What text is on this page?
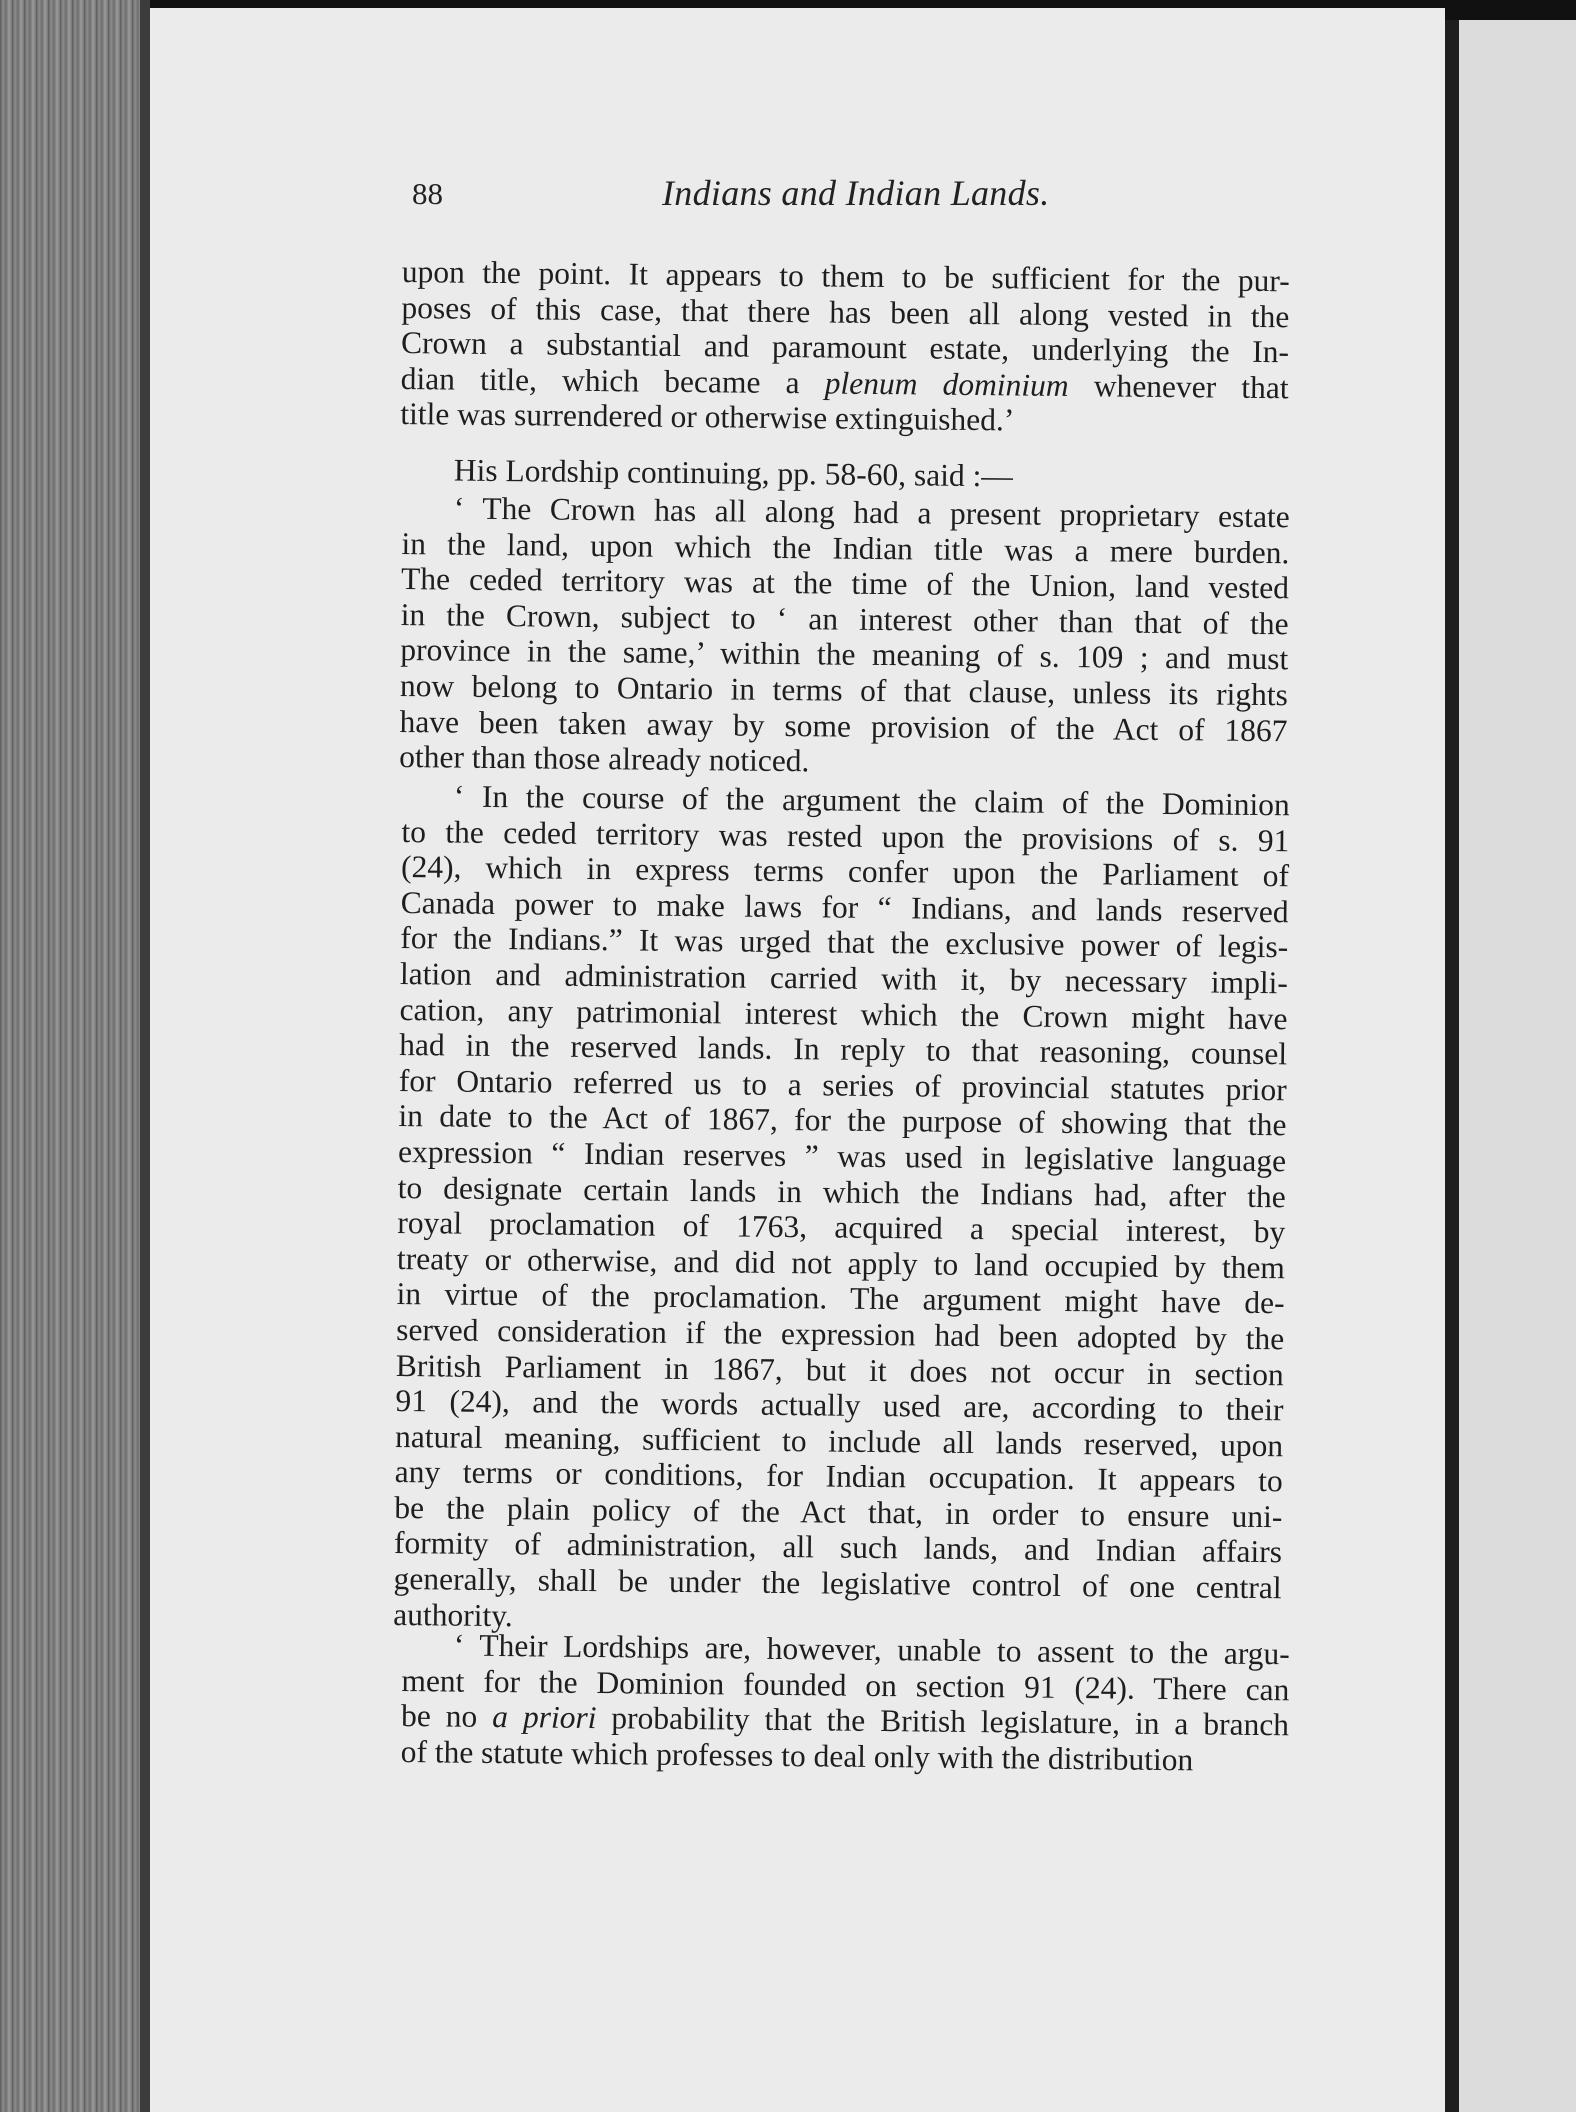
88	Indians and Indian Lands.
upon the point. It appears to them to be sufficient for the pur-
poses of this case, that there has been all along vested in the
Crown a substantial and paramount estate, underlying the In-
dian title, which became a plenum dominium whenever that
title was surrendered or otherwise extinguished.’
His Lordship continuing, pp. 58-60, said :—
‘ The Crown has all along had a present proprietary estate
in the land, upon which the Indian title was a mere burden.
The ceded territory was at the time of the Union, land vested
in the Crown, subject to ‘ an interest other than that of the
province in the same,’ within the meaning of s. 109 ; and must
now belong to Ontario in terms of that clause, unless its rights
have been taken away by some provision of the Act of 1867
other than those already noticed.
‘ In the course of the argument the claim of the Dominion
to the ceded territory was rested upon the provisions of s. 91
(24), which in express terms confer upon the Parliament of
Canada power to make laws for “ Indians, and lands reserved
for the Indians.” It was urged that the exclusive power of legis-
lation and administration carried with it, by necessary impli-
cation, any patrimonial interest which the Crown might have
had in the reserved lands. In reply to that reasoning, counsel
for Ontario referred us to a series of provincial statutes prior
in date to the Act of 1867, for the purpose of showing that the
expression “ Indian reserves ” was used in legislative language
to designate certain lands in which the Indians had, after the
royal proclamation of 1763, acquired a special interest, by
treaty or otherwise, and did not apply to land occupied by them
in virtue of the proclamation. The argument might have de-
served consideration if the expression had been adopted by the
British Parliament in 1867, but it does not occur in section
91 (24), and the words actually used are, according to their
natural meaning, sufficient to include all lands reserved, upon
any terms or conditions, for Indian occupation. It appears to
be the plain policy of the Act that, in order to ensure uni-
formity of administration, all such lands, and Indian affairs
generally, shall be under the legislative control of one central
authority.
‘ Their Lordships are, however, unable to assent to the argu-
ment for the Dominion founded on section 91 (24). There can
be no a priori probability that the British legislature, in a branch
of the statute which professes to deal only with the distribution
